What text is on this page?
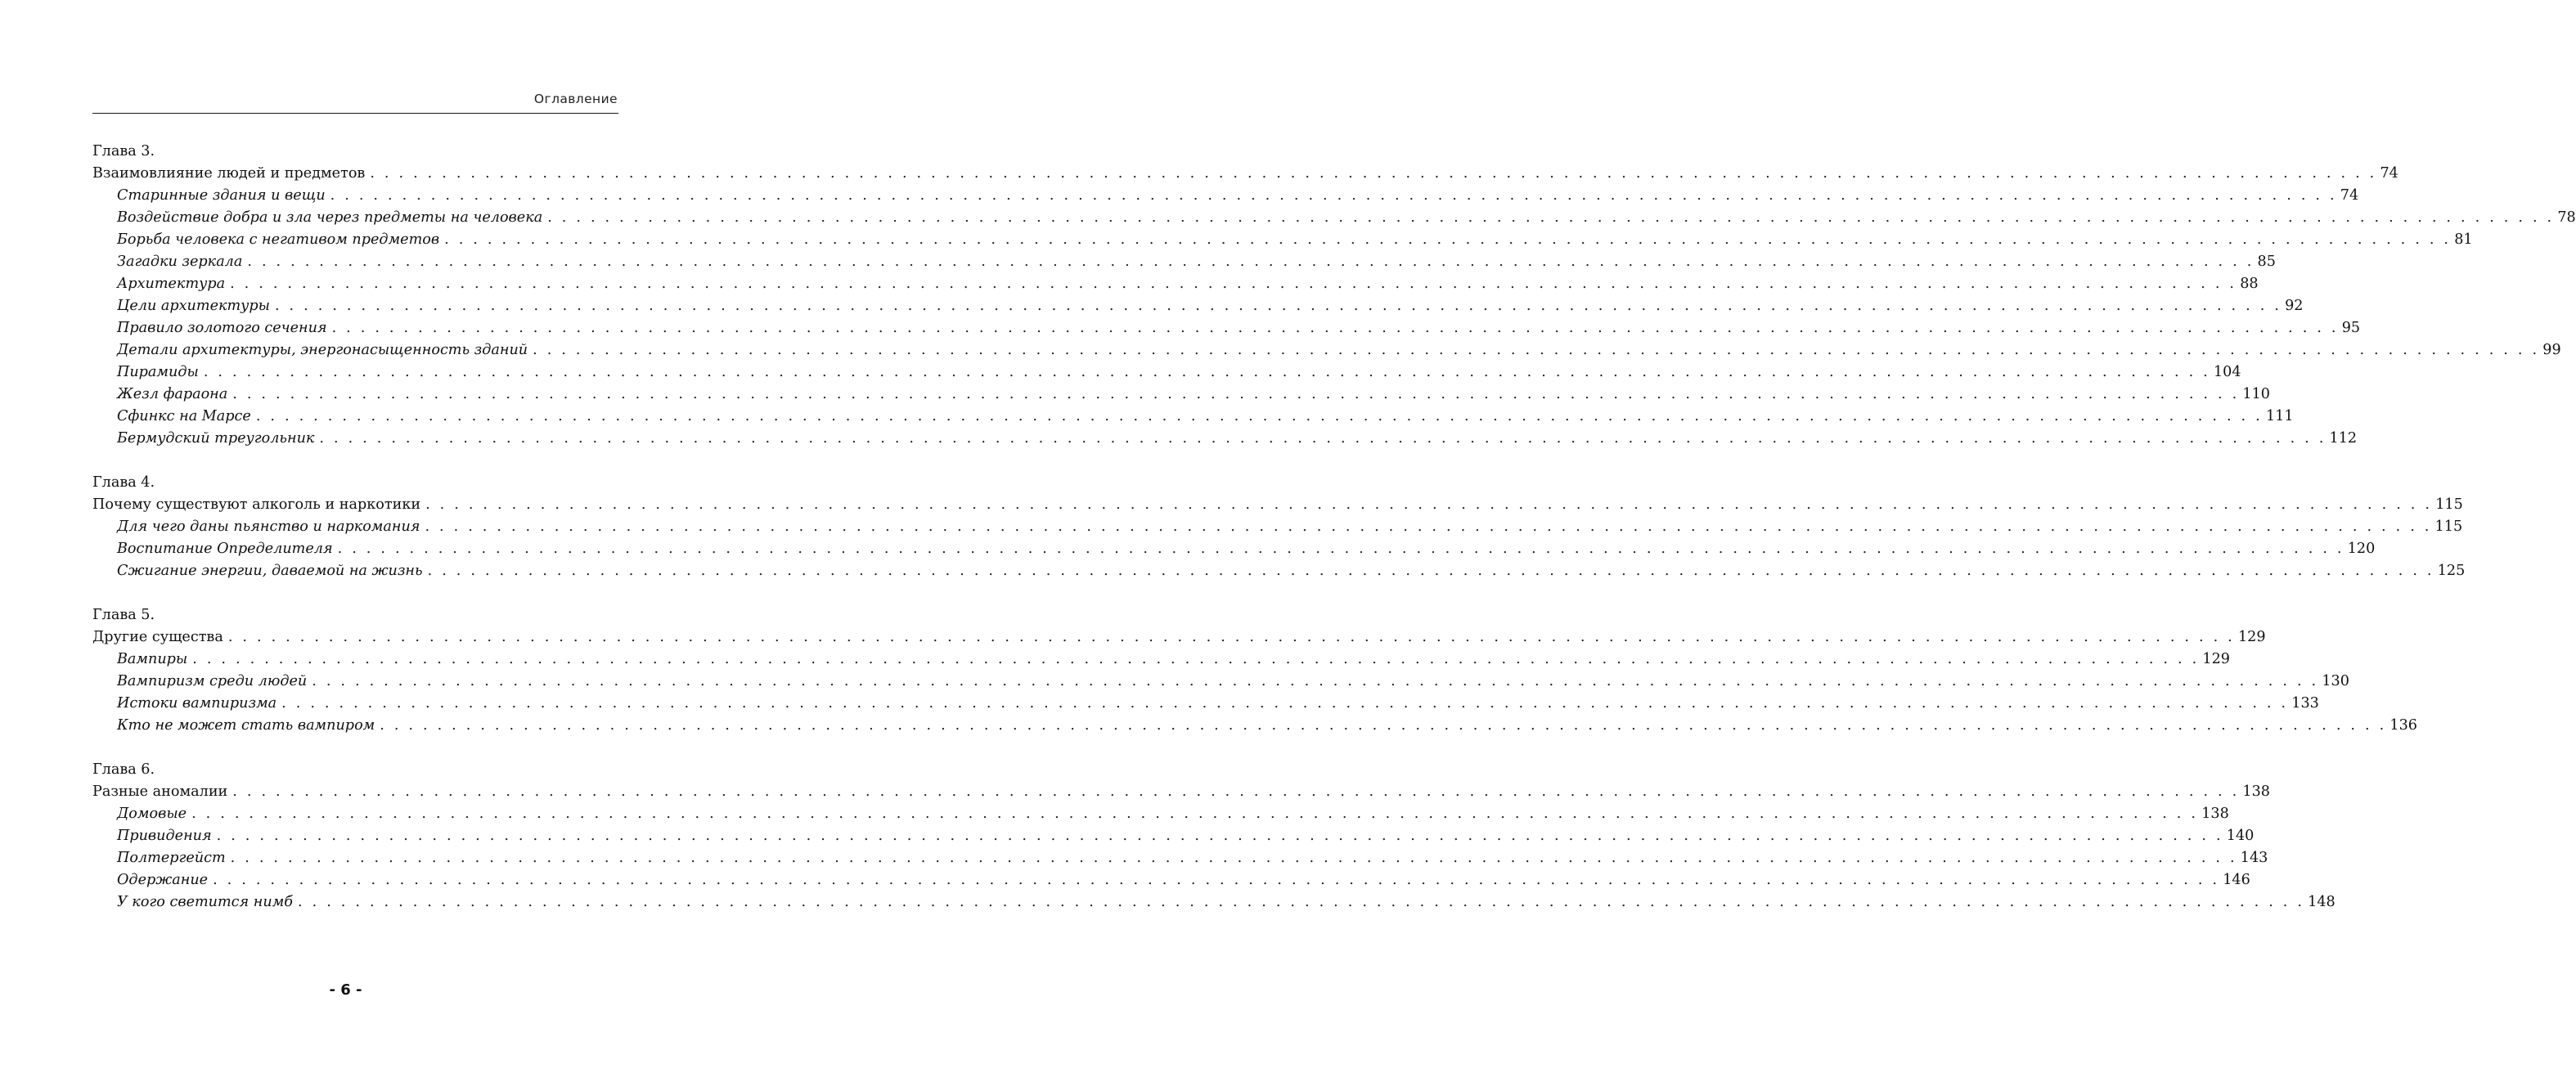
Оглавление
Глава 3.
Взаимовлияние людей и предметов . . . . . . . . . . . . . . . . . . . . . . . . . . . . . . . . . . . . . . . . . . . . . . . . . . . . . . . . . . . . . . . . . . . . . . . . . . . . . . . . . . . . . . . . . . . . . . . . . . . . . . . . . . . . . . . . . . . . . . . . . . . . . . . . . . . . . . . . . . . . 74
Старинные здания и вещи . . . . . . . . . . . . . . . . . . . . . . . . . . . . . . . . . . . . . . . . . . . . . . . . . . . . . . . . . . . . . . . . . . . . . . . . . . . . . . . . . . . . . . . . . . . . . . . . . . . . . . . . . . . . . . . . . . . . . . . . . . . . . . . . . . . . . . . . . . . . 74
Воздействие добра и зла через предметы на человека . . . . . . . . . . . . . . . . . . . . . . . . . . . . . . . . . . . . . . . . . . . . . . . . . . . . . . . . . . . . . . . . . . . . . . . . . . . . . . . . . . . . . . . . . . . . . . . . . . . . . . . . . . . . . . . . . . . . . . . . . . . . . . . . . . . . . . . . . . . . 78
Борьба человека с негативом предметов . . . . . . . . . . . . . . . . . . . . . . . . . . . . . . . . . . . . . . . . . . . . . . . . . . . . . . . . . . . . . . . . . . . . . . . . . . . . . . . . . . . . . . . . . . . . . . . . . . . . . . . . . . . . . . . . . . . . . . . . . . . . . . . . . . . . . . . . . . . . 81
Загадки зеркала . . . . . . . . . . . . . . . . . . . . . . . . . . . . . . . . . . . . . . . . . . . . . . . . . . . . . . . . . . . . . . . . . . . . . . . . . . . . . . . . . . . . . . . . . . . . . . . . . . . . . . . . . . . . . . . . . . . . . . . . . . . . . . . . . . . . . . . . . . . . 85
Архитектура . . . . . . . . . . . . . . . . . . . . . . . . . . . . . . . . . . . . . . . . . . . . . . . . . . . . . . . . . . . . . . . . . . . . . . . . . . . . . . . . . . . . . . . . . . . . . . . . . . . . . . . . . . . . . . . . . . . . . . . . . . . . . . . . . . . . . . . . . . . . 88
Цели архитектуры . . . . . . . . . . . . . . . . . . . . . . . . . . . . . . . . . . . . . . . . . . . . . . . . . . . . . . . . . . . . . . . . . . . . . . . . . . . . . . . . . . . . . . . . . . . . . . . . . . . . . . . . . . . . . . . . . . . . . . . . . . . . . . . . . . . . . . . . . . . . 92
Правило золотого сечения . . . . . . . . . . . . . . . . . . . . . . . . . . . . . . . . . . . . . . . . . . . . . . . . . . . . . . . . . . . . . . . . . . . . . . . . . . . . . . . . . . . . . . . . . . . . . . . . . . . . . . . . . . . . . . . . . . . . . . . . . . . . . . . . . . . . . . . . . . . . 95
Детали архитектуры, энергонасыщенность зданий . . . . . . . . . . . . . . . . . . . . . . . . . . . . . . . . . . . . . . . . . . . . . . . . . . . . . . . . . . . . . . . . . . . . . . . . . . . . . . . . . . . . . . . . . . . . . . . . . . . . . . . . . . . . . . . . . . . . . . . . . . . . . . . . . . . . . . . . . . . . 99
Пирамиды . . . . . . . . . . . . . . . . . . . . . . . . . . . . . . . . . . . . . . . . . . . . . . . . . . . . . . . . . . . . . . . . . . . . . . . . . . . . . . . . . . . . . . . . . . . . . . . . . . . . . . . . . . . . . . . . . . . . . . . . . . . . . . . . . . . . . . . . . . . . 104
Жезл фараона . . . . . . . . . . . . . . . . . . . . . . . . . . . . . . . . . . . . . . . . . . . . . . . . . . . . . . . . . . . . . . . . . . . . . . . . . . . . . . . . . . . . . . . . . . . . . . . . . . . . . . . . . . . . . . . . . . . . . . . . . . . . . . . . . . . . . . . . . . . . 110
Сфинкс на Марсе . . . . . . . . . . . . . . . . . . . . . . . . . . . . . . . . . . . . . . . . . . . . . . . . . . . . . . . . . . . . . . . . . . . . . . . . . . . . . . . . . . . . . . . . . . . . . . . . . . . . . . . . . . . . . . . . . . . . . . . . . . . . . . . . . . . . . . . . . . . . 111
Бермудский треугольник . . . . . . . . . . . . . . . . . . . . . . . . . . . . . . . . . . . . . . . . . . . . . . . . . . . . . . . . . . . . . . . . . . . . . . . . . . . . . . . . . . . . . . . . . . . . . . . . . . . . . . . . . . . . . . . . . . . . . . . . . . . . . . . . . . . . . . . . . . . . 112
Глава 4.
Почему существуют алкоголь и наркотики . . . . . . . . . . . . . . . . . . . . . . . . . . . . . . . . . . . . . . . . . . . . . . . . . . . . . . . . . . . . . . . . . . . . . . . . . . . . . . . . . . . . . . . . . . . . . . . . . . . . . . . . . . . . . . . . . . . . . . . . . . . . . . . . . . . . . . . . . . . . 115
Для чего даны пьянство и наркомания . . . . . . . . . . . . . . . . . . . . . . . . . . . . . . . . . . . . . . . . . . . . . . . . . . . . . . . . . . . . . . . . . . . . . . . . . . . . . . . . . . . . . . . . . . . . . . . . . . . . . . . . . . . . . . . . . . . . . . . . . . . . . . . . . . . . . . . . . . . . 115
Воспитание Определителя . . . . . . . . . . . . . . . . . . . . . . . . . . . . . . . . . . . . . . . . . . . . . . . . . . . . . . . . . . . . . . . . . . . . . . . . . . . . . . . . . . . . . . . . . . . . . . . . . . . . . . . . . . . . . . . . . . . . . . . . . . . . . . . . . . . . . . . . . . . . 120
Сжигание энергии, даваемой на жизнь . . . . . . . . . . . . . . . . . . . . . . . . . . . . . . . . . . . . . . . . . . . . . . . . . . . . . . . . . . . . . . . . . . . . . . . . . . . . . . . . . . . . . . . . . . . . . . . . . . . . . . . . . . . . . . . . . . . . . . . . . . . . . . . . . . . . . . . . . . . . 125
Глава 5.
Другие существа . . . . . . . . . . . . . . . . . . . . . . . . . . . . . . . . . . . . . . . . . . . . . . . . . . . . . . . . . . . . . . . . . . . . . . . . . . . . . . . . . . . . . . . . . . . . . . . . . . . . . . . . . . . . . . . . . . . . . . . . . . . . . . . . . . . . . . . . . . . . 129
Вампиры . . . . . . . . . . . . . . . . . . . . . . . . . . . . . . . . . . . . . . . . . . . . . . . . . . . . . . . . . . . . . . . . . . . . . . . . . . . . . . . . . . . . . . . . . . . . . . . . . . . . . . . . . . . . . . . . . . . . . . . . . . . . . . . . . . . . . . . . . . . . 129
Вампиризм среди людей . . . . . . . . . . . . . . . . . . . . . . . . . . . . . . . . . . . . . . . . . . . . . . . . . . . . . . . . . . . . . . . . . . . . . . . . . . . . . . . . . . . . . . . . . . . . . . . . . . . . . . . . . . . . . . . . . . . . . . . . . . . . . . . . . . . . . . . . . . . . 130
Истоки вампиризма . . . . . . . . . . . . . . . . . . . . . . . . . . . . . . . . . . . . . . . . . . . . . . . . . . . . . . . . . . . . . . . . . . . . . . . . . . . . . . . . . . . . . . . . . . . . . . . . . . . . . . . . . . . . . . . . . . . . . . . . . . . . . . . . . . . . . . . . . . . . 133
Кто не может стать вампиром . . . . . . . . . . . . . . . . . . . . . . . . . . . . . . . . . . . . . . . . . . . . . . . . . . . . . . . . . . . . . . . . . . . . . . . . . . . . . . . . . . . . . . . . . . . . . . . . . . . . . . . . . . . . . . . . . . . . . . . . . . . . . . . . . . . . . . . . . . . . 136
Глава 6.
Разные аномалии . . . . . . . . . . . . . . . . . . . . . . . . . . . . . . . . . . . . . . . . . . . . . . . . . . . . . . . . . . . . . . . . . . . . . . . . . . . . . . . . . . . . . . . . . . . . . . . . . . . . . . . . . . . . . . . . . . . . . . . . . . . . . . . . . . . . . . . . . . . . 138
Домовые . . . . . . . . . . . . . . . . . . . . . . . . . . . . . . . . . . . . . . . . . . . . . . . . . . . . . . . . . . . . . . . . . . . . . . . . . . . . . . . . . . . . . . . . . . . . . . . . . . . . . . . . . . . . . . . . . . . . . . . . . . . . . . . . . . . . . . . . . . . . 138
Привидения . . . . . . . . . . . . . . . . . . . . . . . . . . . . . . . . . . . . . . . . . . . . . . . . . . . . . . . . . . . . . . . . . . . . . . . . . . . . . . . . . . . . . . . . . . . . . . . . . . . . . . . . . . . . . . . . . . . . . . . . . . . . . . . . . . . . . . . . . . . . 140
Полтергейст . . . . . . . . . . . . . . . . . . . . . . . . . . . . . . . . . . . . . . . . . . . . . . . . . . . . . . . . . . . . . . . . . . . . . . . . . . . . . . . . . . . . . . . . . . . . . . . . . . . . . . . . . . . . . . . . . . . . . . . . . . . . . . . . . . . . . . . . . . . . 143
Одержание . . . . . . . . . . . . . . . . . . . . . . . . . . . . . . . . . . . . . . . . . . . . . . . . . . . . . . . . . . . . . . . . . . . . . . . . . . . . . . . . . . . . . . . . . . . . . . . . . . . . . . . . . . . . . . . . . . . . . . . . . . . . . . . . . . . . . . . . . . . . 146
У кого светится нимб . . . . . . . . . . . . . . . . . . . . . . . . . . . . . . . . . . . . . . . . . . . . . . . . . . . . . . . . . . . . . . . . . . . . . . . . . . . . . . . . . . . . . . . . . . . . . . . . . . . . . . . . . . . . . . . . . . . . . . . . . . . . . . . . . . . . . . . . . . . . 148
- 6 -
